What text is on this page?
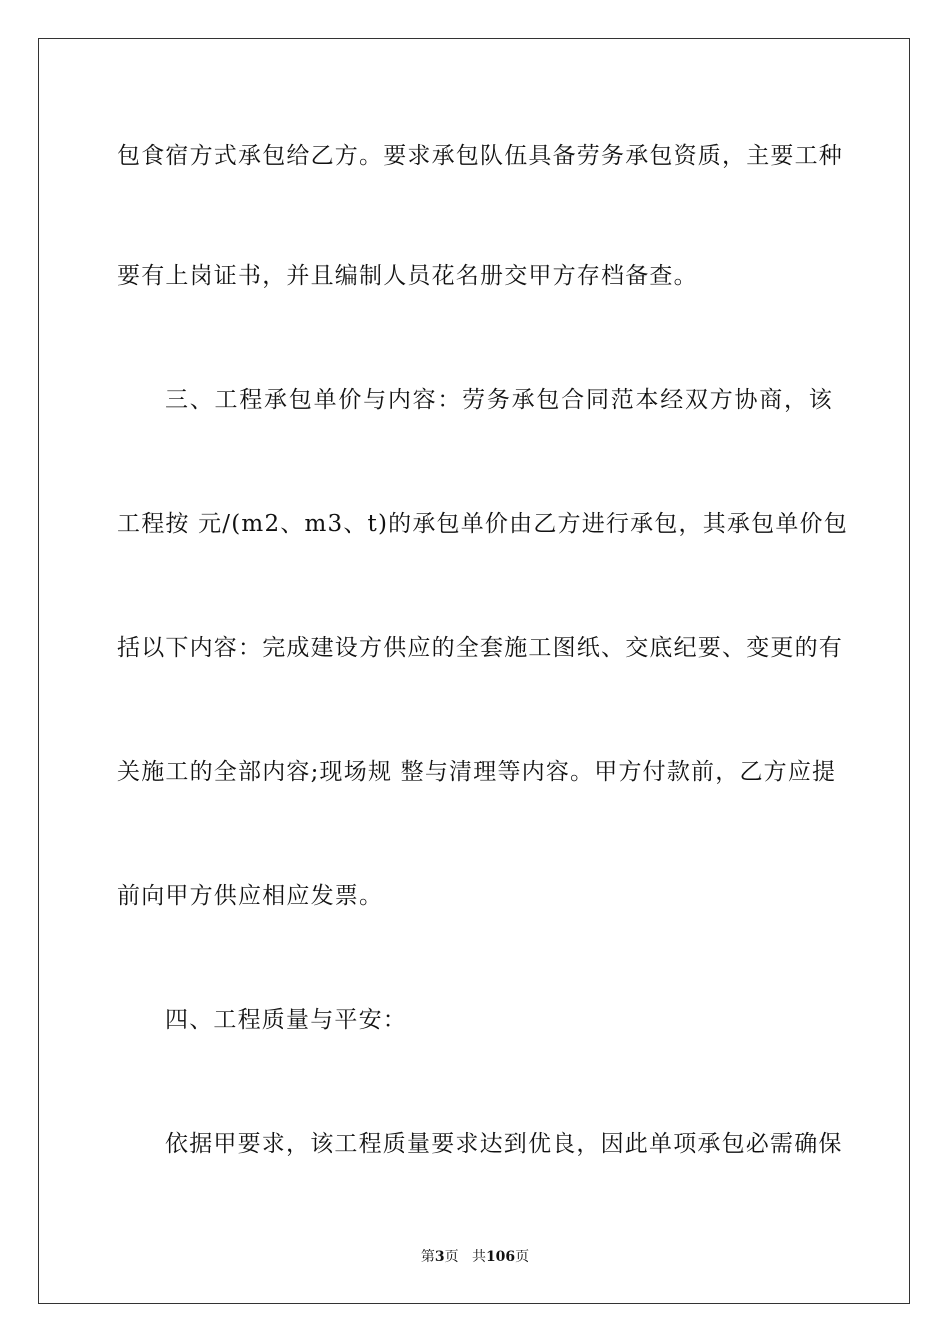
包食宿方式承包给乙方。要求承包队伍具备劳务承包资质，主要工种
要有上岗证书，并且编制人员花名册交甲方存档备查。
三、工程承包单价与内容：劳务承包合同范本经双方协商，该
工程按 元/(m2、m3、t)的承包单价由乙方进行承包，其承包单价包
括以下内容：完成建设方供应的全套施工图纸、交底纪要、变更的有
关施工的全部内容;现场规 整与清理等内容。甲方付款前，乙方应提
前向甲方供应相应发票。
四、工程质量与平安：
依据甲要求，该工程质量要求达到优良，因此单项承包必需确保
第3页 共106页
